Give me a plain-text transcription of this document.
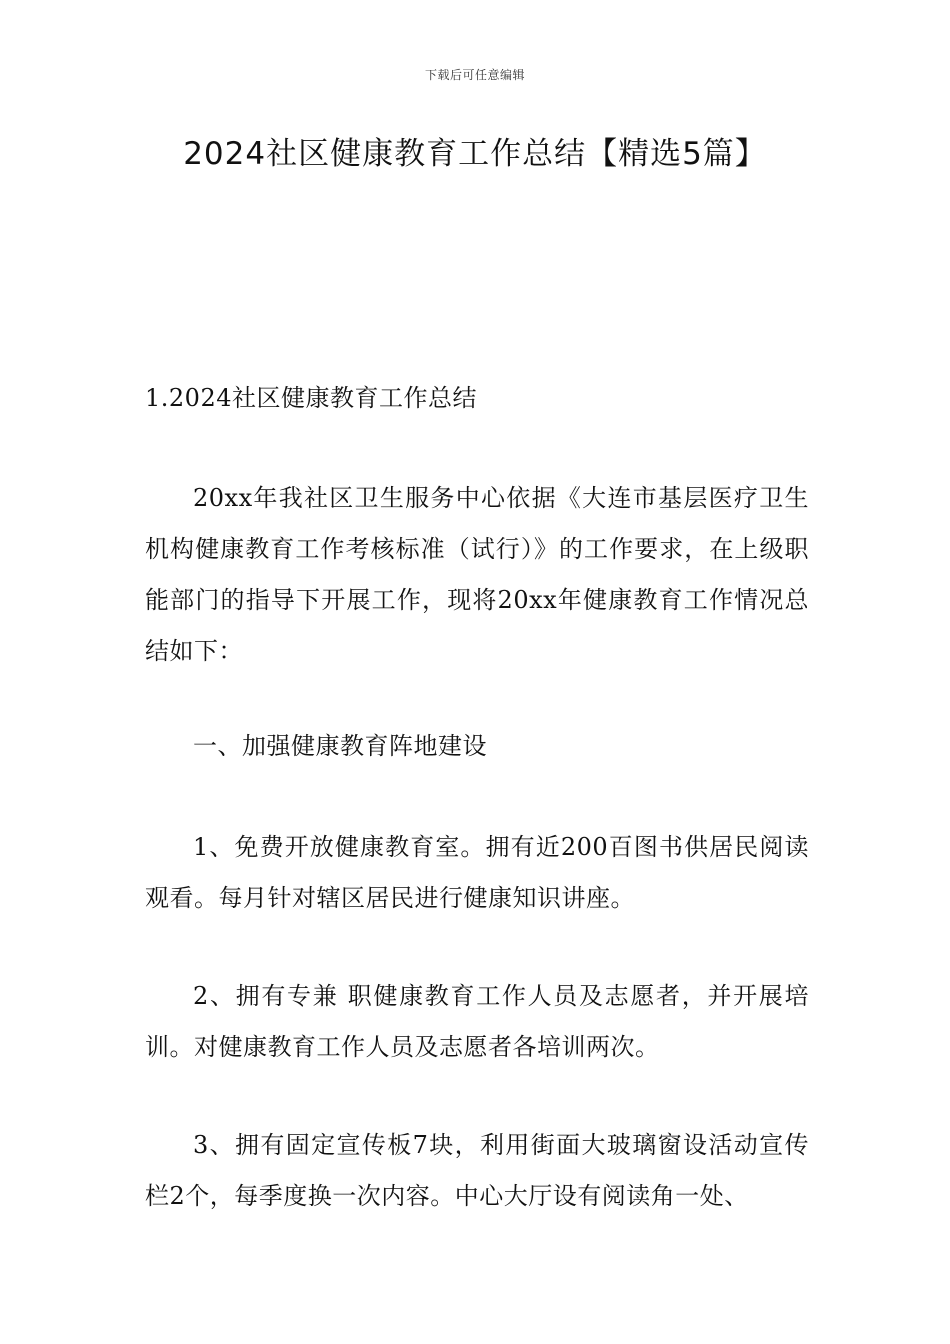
下载后可任意编辑
2024社区健康教育工作总结【精选5篇】

1.2024社区健康教育工作总结

20xx年我社区卫生服务中心依据《大连市基层医疗卫生机构健康教育工作考核标准（试行）》的工作要求，在上级职能部门的指导下开展工作，现将20xx年健康教育工作情况总结如下：

一、加强健康教育阵地建设

1、免费开放健康教育室。拥有近200百图书供居民阅读观看。每月针对辖区居民进行健康知识讲座。

2、拥有专兼 职健康教育工作人员及志愿者，并开展培训。对健康教育工作人员及志愿者各培训两次。

3、拥有固定宣传板7块，利用街面大玻璃窗设活动宣传栏2个，每季度换一次内容。中心大厅设有阅读角一处、
